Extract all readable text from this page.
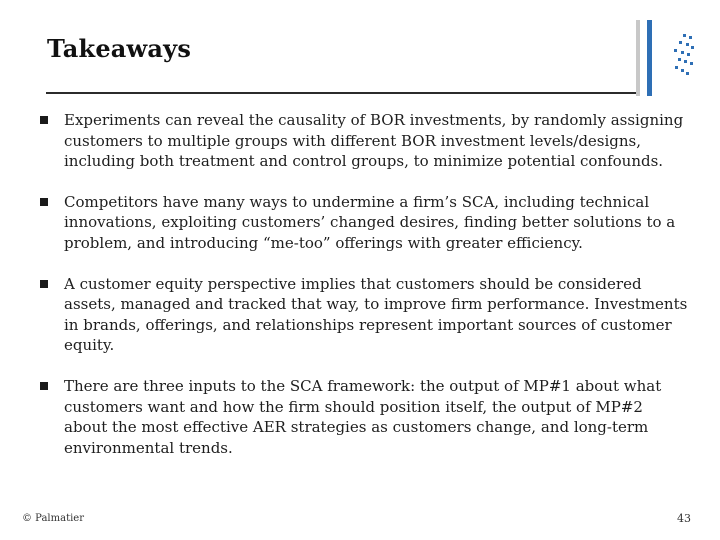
Takeaways
Experiments can reveal the causality of BOR investments, by randomly assigning customers to multiple groups with different BOR investment levels/designs, including both treatment and control groups, to minimize potential confounds.
Competitors have many ways to undermine a firm’s SCA, including technical innovations, exploiting customers’ changed desires, finding better solutions to a problem, and introducing “me-too” offerings with greater efficiency.
A customer equity perspective implies that customers should be considered assets, managed and tracked that way, to improve firm performance. Investments in brands, offerings, and relationships represent important sources of customer equity.
There are three inputs to the SCA framework: the output of MP#1 about what customers want and how the firm should position itself, the output of MP#2 about the most effective AER strategies as customers change, and long-term environmental trends.
© Palmatier	43
